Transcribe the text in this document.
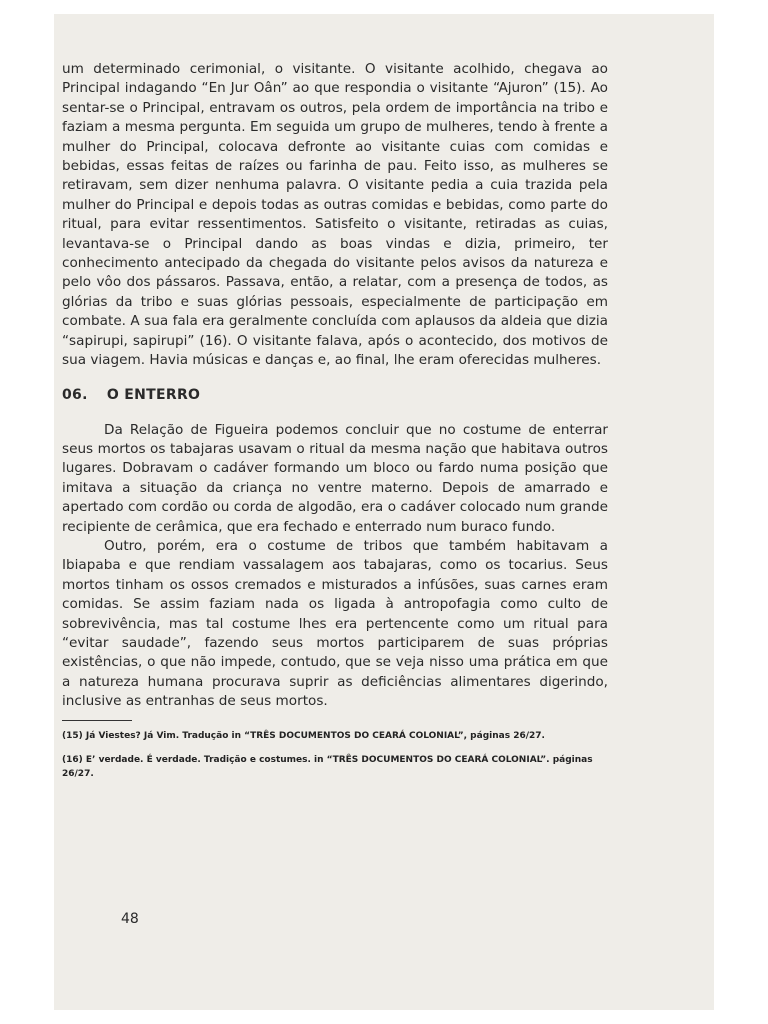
um determinado cerimonial, o visitante. O visitante acolhido, chegava ao Principal indagando “En Jur Oân” ao que respondia o visitante “Ajuron” (15). Ao sentar-se o Principal, entravam os outros, pela ordem de importância na tribo e faziam a mesma pergunta. Em seguida um grupo de mulheres, tendo à frente a mulher do Principal, colocava defronte ao visitante cuias com comidas e bebidas, essas feitas de raízes ou farinha de pau. Feito isso, as mulheres se retiravam, sem dizer nenhuma palavra. O visitante pedia a cuia trazida pela mulher do Principal e depois todas as outras comidas e bebidas, como parte do ritual, para evitar ressentimentos. Satisfeito o visitante, retiradas as cuias, levantava-se o Principal dando as boas vindas e dizia, primeiro, ter conhecimento antecipado da chegada do visitante pelos avisos da natureza e pelo vôo dos pássaros. Passava, então, a relatar, com a presença de todos, as glórias da tribo e suas glórias pessoais, especialmente de participação em combate. A sua fala era geralmente concluída com aplausos da aldeia que dizia “sapirupi, sapirupi” (16). O visitante falava, após o acontecido, dos motivos de sua viagem. Havia músicas e danças e, ao final, lhe eram oferecidas mulheres.

06. O ENTERRO

Da Relação de Figueira podemos concluir que no costume de enterrar seus mortos os tabajaras usavam o ritual da mesma nação que habitava outros lugares. Dobravam o cadáver formando um bloco ou fardo numa posição que imitava a situação da criança no ventre materno. Depois de amarrado e apertado com cordão ou corda de algodão, era o cadáver colocado num grande recipiente de cerâmica, que era fechado e enterrado num buraco fundo.

Outro, porém, era o costume de tribos que também habitavam a Ibiapaba e que rendiam vassalagem aos tabajaras, como os tocarius. Seus mortos tinham os ossos cremados e misturados a infúsões, suas carnes eram comidas. Se assim faziam nada os ligada à antropofagia como culto de sobrevivência, mas tal costume lhes era pertencente como um ritual para “evitar saudade”, fazendo seus mortos participarem de suas próprias existências, o que não impede, contudo, que se veja nisso uma prática em que a natureza humana procurava suprir as deficiências alimentares digerindo, inclusive as entranhas de seus mortos.

(15) Já Viestes? Já Vim. Tradução in “TRÊS DOCUMENTOS DO CEARÁ COLONIAL”, páginas 26/27.

(16) E’ verdade. É verdade. Tradição e costumes. in “TRÊS DOCUMENTOS DO CEARÁ COLONIAL”. páginas 26/27.

48
